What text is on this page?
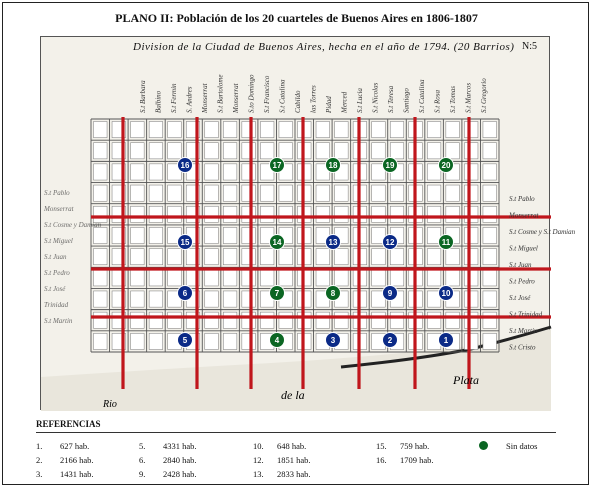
PLANO II: Población de los 20 cuarteles de Buenos Aires en 1806-1807
S.t Barbara Balbino S.t Fermin S. Andres Monserrat S.t Bartolome Monserrat S.to Domingo S.t Francisco S.t Catalina Cabildo las Torres Pidad Merced S.t Lucia S.t Nicolas S.t Teresa Santiago S.t Catalina S.t Rosa S.t Tomas S.t Marcos S.t Gregorio
S.t Pablo
Monserrat
S.t Cosme y S.t Damian
S.t Miguel
S.t Juan
S.t Pedro
S.t José
S.t Trinidad
S.t Martin
S.t Cristo
S.t Pablo
Monserrat
S.t Cosme y Damian
S.t Miguel
S.t Juan
S.t Pedro
S.t José
Trinidad
S.t Martin
de la
Plata
Rio
16	17	18	19	20
15	14	13	12	11
6	7	8	9	10
5	4	3	2	1
Division de la Ciudad de Buenos Aires, hecha en el año de 1794. (20 Barrios) N:5
REFERENCIAS
1. 627 hab.
2. 2166 hab.
3. 1431 hab.
5. 4331 hab.
6. 2840 hab.
9. 2428 hab.
10. 648 hab.
12. 1851 hab.
13. 2833 hab.
15. 759 hab.
16. 1709 hab.
Sin datos
